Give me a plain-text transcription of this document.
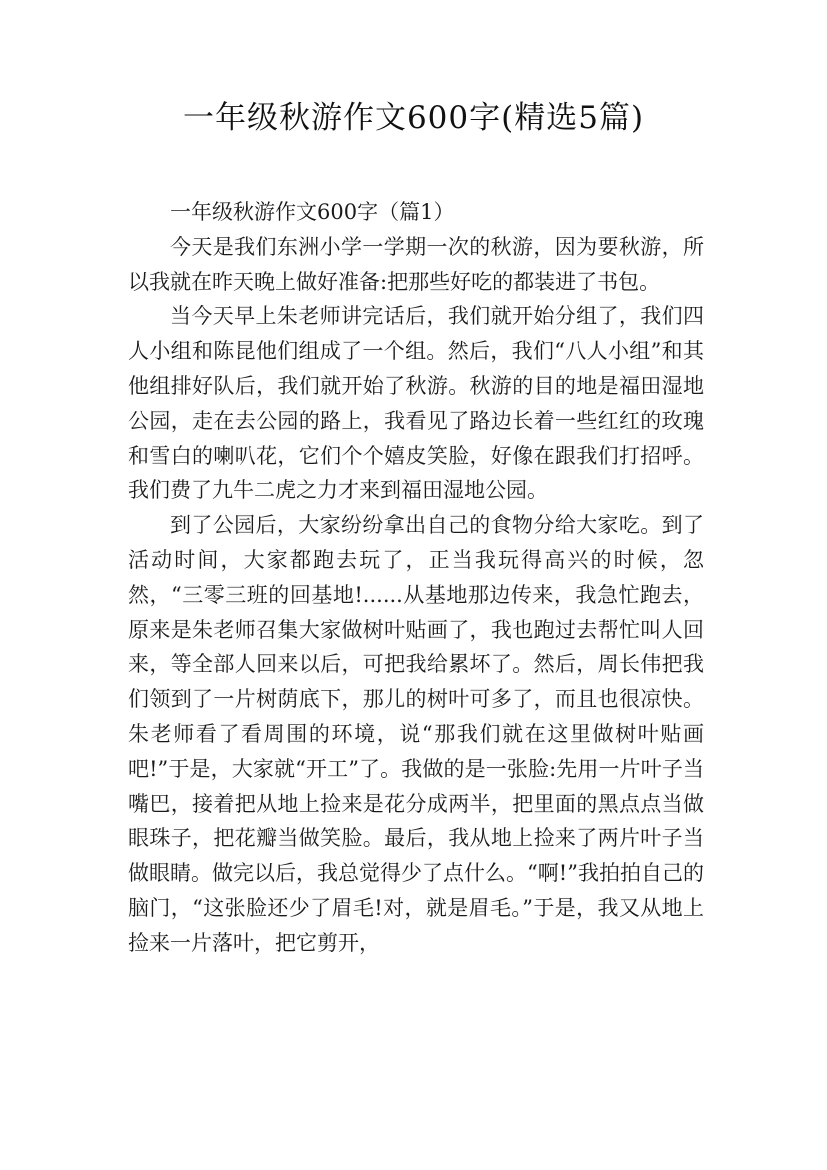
一年级秋游作文600字(精选5篇)
一年级秋游作文600字（篇1）

今天是我们东洲小学一学期一次的秋游，因为要秋游，所以我就在昨天晚上做好准备:把那些好吃的都装进了书包。

当今天早上朱老师讲完话后，我们就开始分组了，我们四人小组和陈昆他们组成了一个组。然后，我们“八人小组”和其他组排好队后，我们就开始了秋游。秋游的目的地是福田湿地公园，走在去公园的路上，我看见了路边长着一些红红的玫瑰和雪白的喇叭花，它们个个嬉皮笑脸，好像在跟我们打招呼。我们费了九牛二虎之力才来到福田湿地公园。

到了公园后，大家纷纷拿出自己的食物分给大家吃。到了活动时间，大家都跑去玩了，正当我玩得高兴的时候，忽然，“三零三班的回基地!......从基地那边传来，我急忙跑去，原来是朱老师召集大家做树叶贴画了，我也跑过去帮忙叫人回来，等全部人回来以后，可把我给累坏了。然后，周长伟把我们领到了一片树荫底下，那儿的树叶可多了，而且也很凉快。朱老师看了看周围的环境，说“那我们就在这里做树叶贴画吧!”于是，大家就“开工”了。我做的是一张脸:先用一片叶子当嘴巴，接着把从地上捡来是花分成两半，把里面的黑点点当做眼珠子，把花瓣当做笑脸。最后，我从地上捡来了两片叶子当做眼睛。做完以后，我总觉得少了点什么。“啊!”我拍拍自己的脑门，“这张脸还少了眉毛!对，就是眉毛。”于是，我又从地上捡来一片落叶，把它剪开，
